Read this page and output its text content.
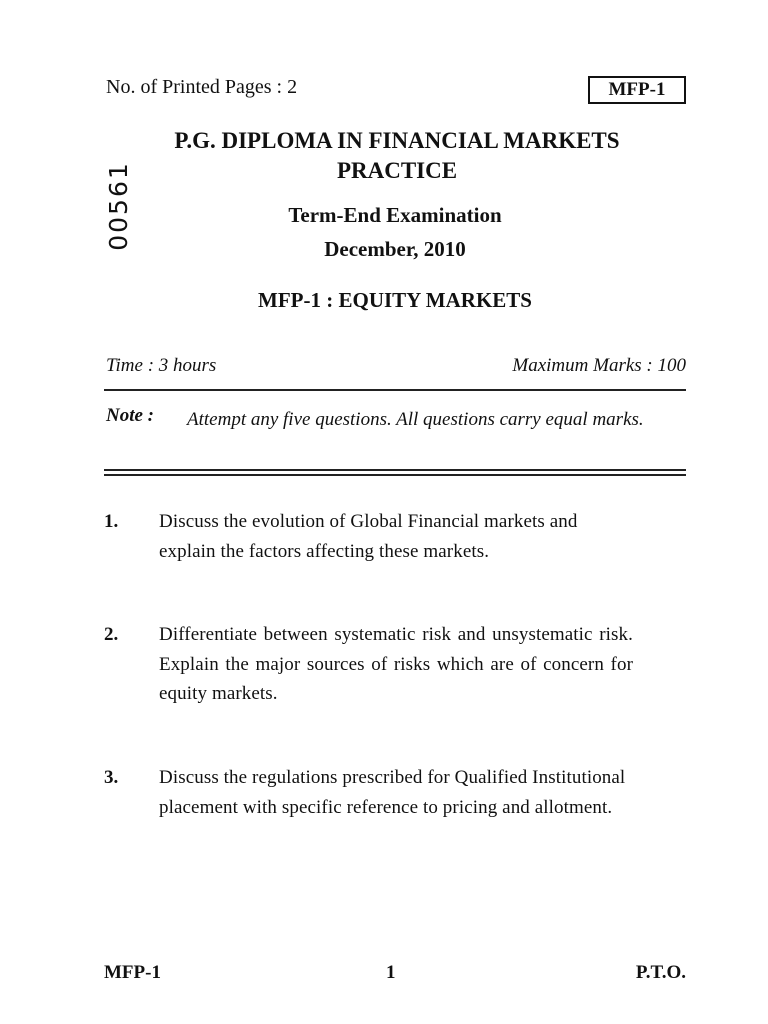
No. of Printed Pages : 2	MFP-1
P.G. DIPLOMA IN FINANCIAL MARKETS
PRACTICE
00561	Term-End Examination
December, 2010
MFP-1 : EQUITY MARKETS
Time : 3 hours	Maximum Marks : 100
Note : Attempt any five questions. All questions carry equal marks.
1. Discuss the evolution of Global Financial markets and explain the factors affecting these markets.
2. Differentiate between systematic risk and unsystematic risk. Explain the major sources of risks which are of concern for equity markets.
3. Discuss the regulations prescribed for Qualified Institutional placement with specific reference to pricing and allotment.
MFP-1	1	P.T.O.
